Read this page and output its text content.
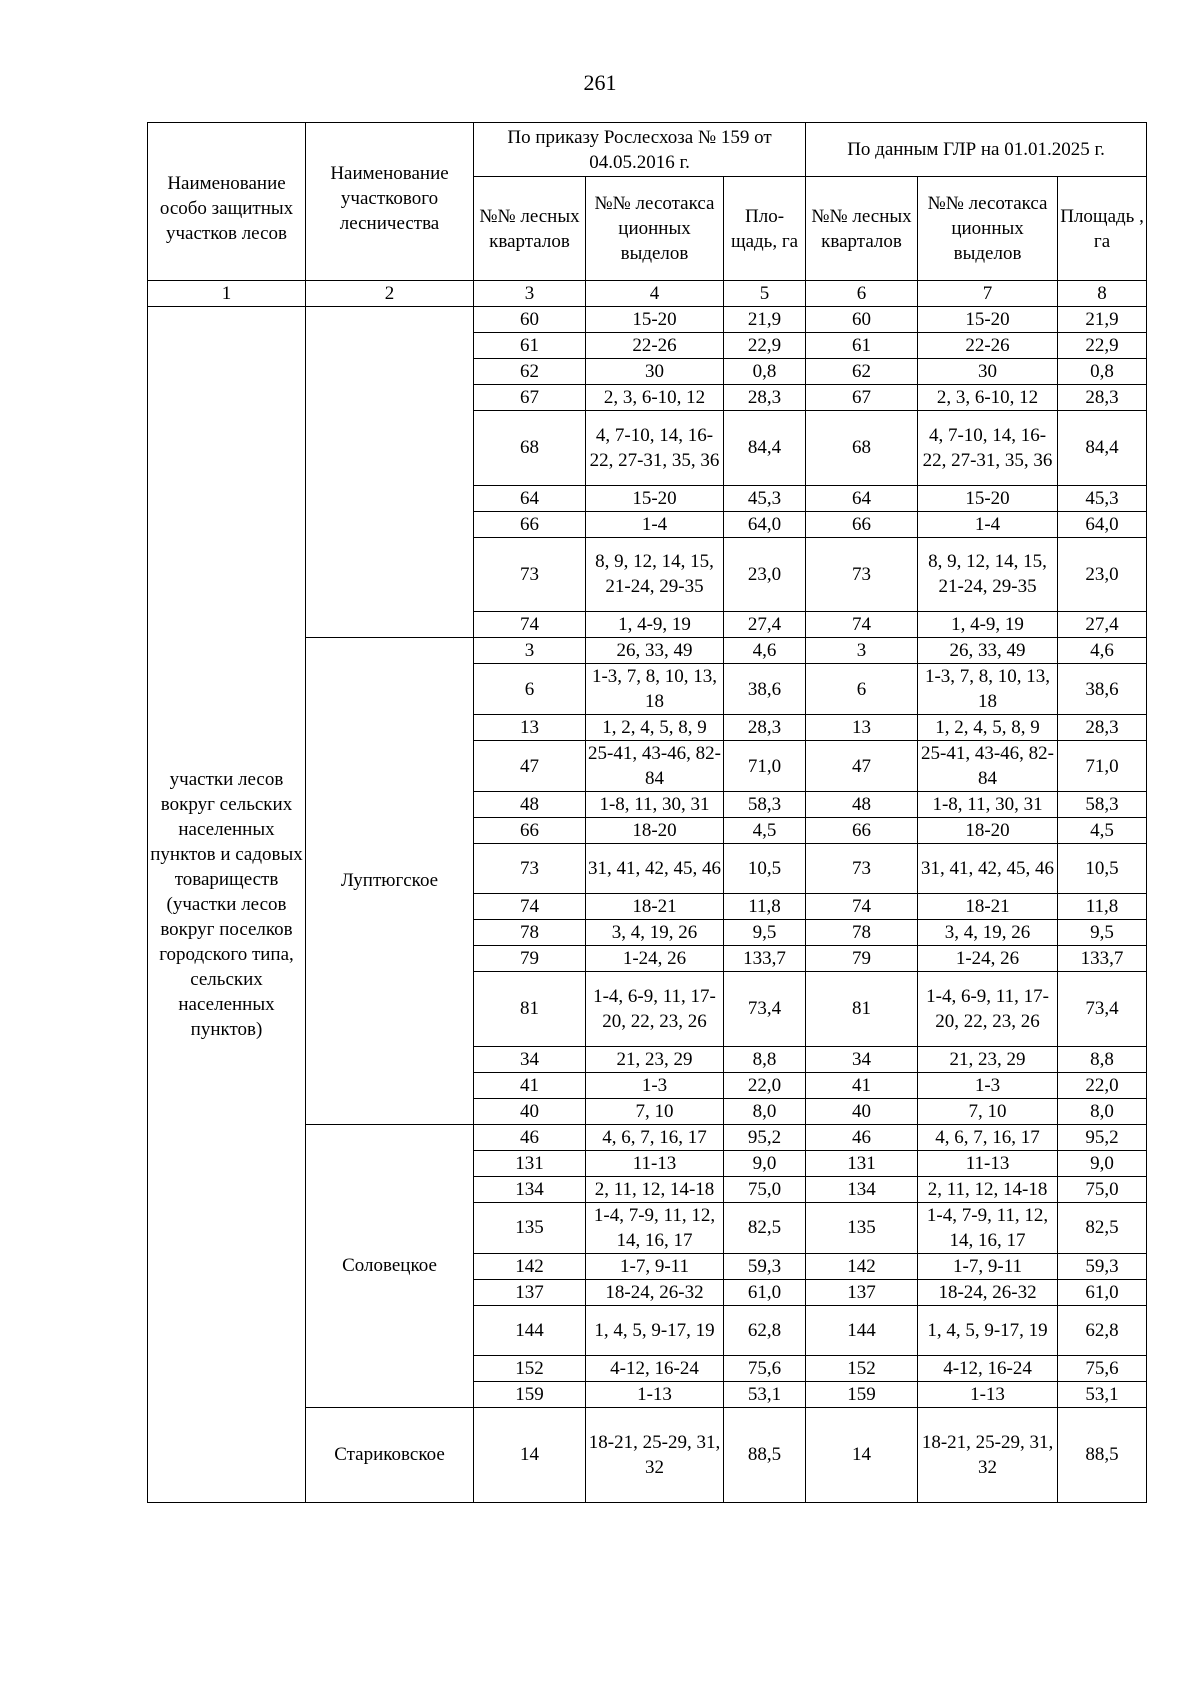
261
Наименование особо защитных участков лесов	Наименование участкового лесничества	По приказу Рослесхоза № 159 от 04.05.2016 г.			По данным ГЛР на 01.01.2025 г.		
		№№ лесных кварталов	№№ лесотакса ционных выделов	Пло- щадь, га	№№ лесных кварталов	№№ лесотакса ционных выделов	Площадь , га
1	2	3	4	5	6	7	8
участки лесов вокруг сельских населенных пунктов и садовых товариществ (участки лесов вокруг поселков городского типа, сельских населенных пунктов)		60	15-20	21,9	60	15-20	21,9
		61	22-26	22,9	61	22-26	22,9
		62	30	0,8	62	30	0,8
		67	2, 3, 6-10, 12	28,3	67	2, 3, 6-10, 12	28,3
		68	4, 7-10, 14, 16-22, 27-31, 35, 36	84,4	68	4, 7-10, 14, 16-22, 27-31, 35, 36	84,4
		64	15-20	45,3	64	15-20	45,3
		66	1-4	64,0	66	1-4	64,0
		73	8, 9, 12, 14, 15, 21-24, 29-35	23,0	73	8, 9, 12, 14, 15, 21-24, 29-35	23,0
		74	1, 4-9, 19	27,4	74	1, 4-9, 19	27,4
	Луптюгское	3	26, 33, 49	4,6	3	26, 33, 49	4,6
		6	1-3, 7, 8, 10, 13, 18	38,6	6	1-3, 7, 8, 10, 13, 18	38,6
		13	1, 2, 4, 5, 8, 9	28,3	13	1, 2, 4, 5, 8, 9	28,3
		47	25-41, 43-46, 82-84	71,0	47	25-41, 43-46, 82-84	71,0
		48	1-8, 11, 30, 31	58,3	48	1-8, 11, 30, 31	58,3
		66	18-20	4,5	66	18-20	4,5
		73	31, 41, 42, 45, 46	10,5	73	31, 41, 42, 45, 46	10,5
		74	18-21	11,8	74	18-21	11,8
		78	3, 4, 19, 26	9,5	78	3, 4, 19, 26	9,5
		79	1-24, 26	133,7	79	1-24, 26	133,7
		81	1-4, 6-9, 11, 17-20, 22, 23, 26	73,4	81	1-4, 6-9, 11, 17-20, 22, 23, 26	73,4
		34	21, 23, 29	8,8	34	21, 23, 29	8,8
		41	1-3	22,0	41	1-3	22,0
		40	7, 10	8,0	40	7, 10	8,0
	Соловецкое	46	4, 6, 7, 16, 17	95,2	46	4, 6, 7, 16, 17	95,2
		131	11-13	9,0	131	11-13	9,0
		134	2, 11, 12, 14-18	75,0	134	2, 11, 12, 14-18	75,0
		135	1-4, 7-9, 11, 12, 14, 16, 17	82,5	135	1-4, 7-9, 11, 12, 14, 16, 17	82,5
		142	1-7, 9-11	59,3	142	1-7, 9-11	59,3
		137	18-24, 26-32	61,0	137	18-24, 26-32	61,0
		144	1, 4, 5, 9-17, 19	62,8	144	1, 4, 5, 9-17, 19	62,8
		152	4-12, 16-24	75,6	152	4-12, 16-24	75,6
		159	1-13	53,1	159	1-13	53,1
	Стариковское	14	18-21, 25-29, 31, 32	88,5	14	18-21, 25-29, 31, 32	88,5
